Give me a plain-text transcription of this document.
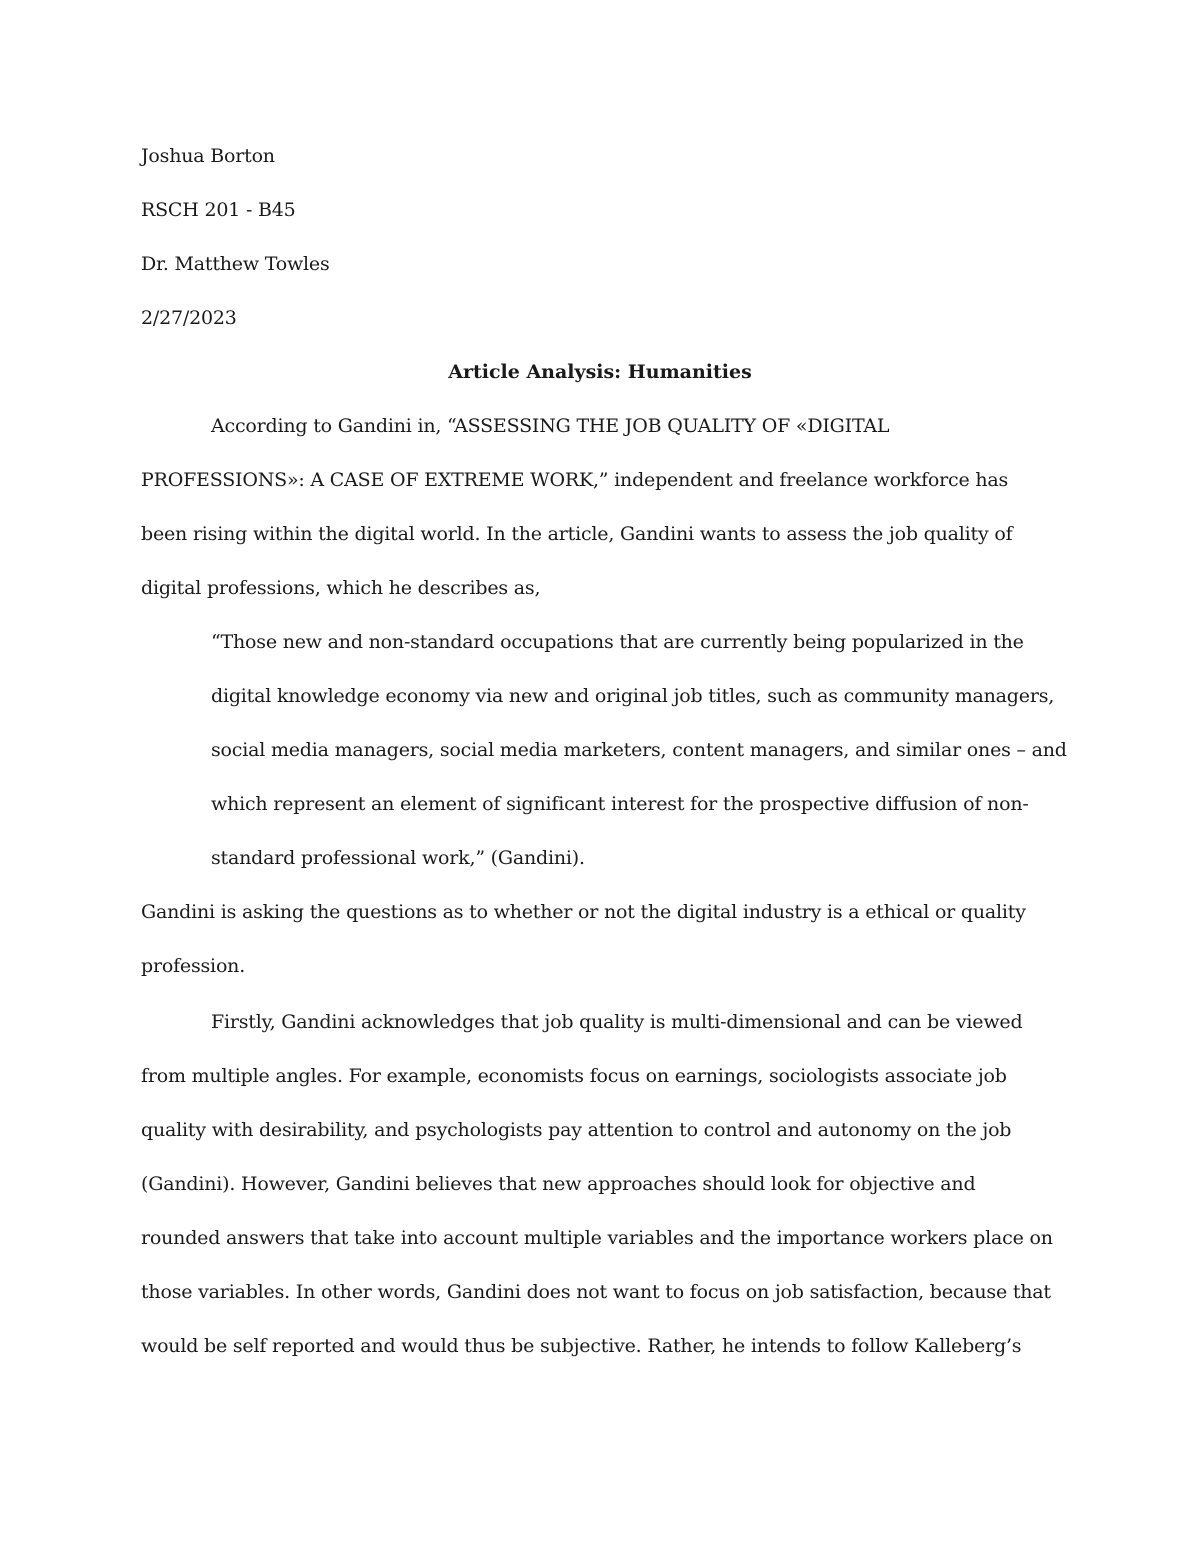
Joshua Borton
RSCH 201 - B45
Dr. Matthew Towles
2/27/2023
Article Analysis: Humanities
According to Gandini in, “ASSESSING THE JOB QUALITY OF «DIGITAL
PROFESSIONS»: A CASE OF EXTREME WORK,” independent and freelance workforce has
been rising within the digital world. In the article, Gandini wants to assess the job quality of
digital professions, which he describes as,
“Those new and non-standard occupations that are currently being popularized in the
digital knowledge economy via new and original job titles, such as community managers,
social media managers, social media marketers, content managers, and similar ones – and
which represent an element of significant interest for the prospective diffusion of non-
standard professional work,” (Gandini).
Gandini is asking the questions as to whether or not the digital industry is a ethical or quality
profession.
Firstly, Gandini acknowledges that job quality is multi-dimensional and can be viewed
from multiple angles. For example, economists focus on earnings, sociologists associate job
quality with desirability, and psychologists pay attention to control and autonomy on the job
(Gandini). However, Gandini believes that new approaches should look for objective and
rounded answers that take into account multiple variables and the importance workers place on
those variables. In other words, Gandini does not want to focus on job satisfaction, because that
would be self reported and would thus be subjective. Rather, he intends to follow Kalleberg’s
